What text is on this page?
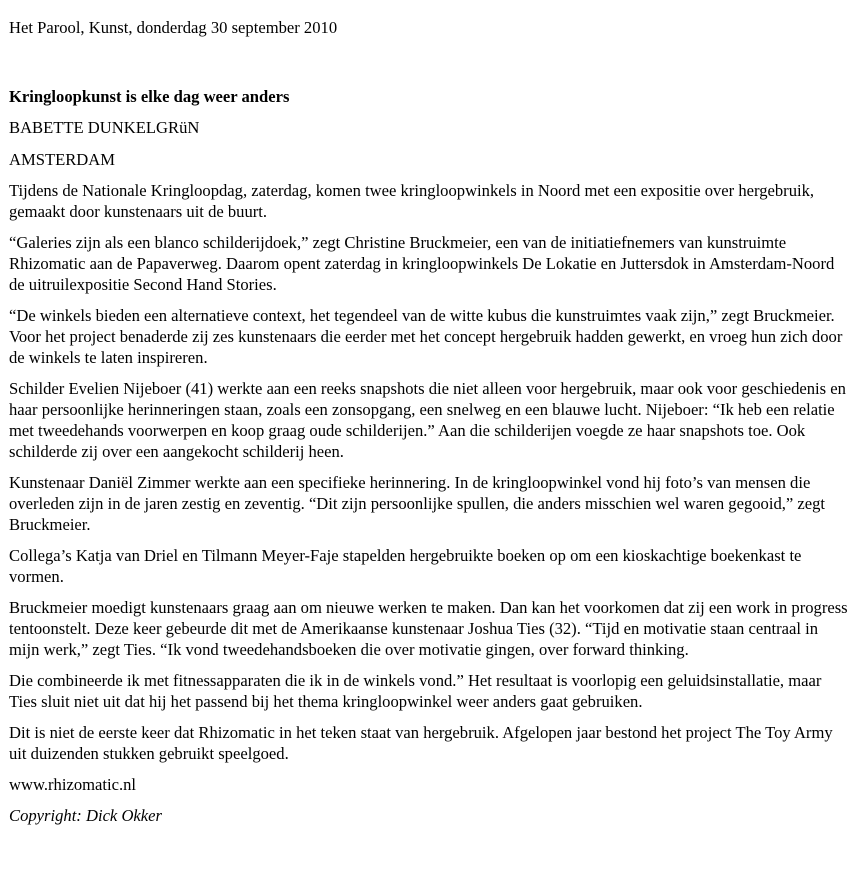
Het Parool, Kunst, donderdag 30 september 2010

Kringloopkunst is elke dag weer anders

BABETTE DUNKELGRüN

AMSTERDAM

Tijdens de Nationale Kringloopdag, zaterdag, komen twee kringloopwinkels in Noord met een expositie over hergebruik, gemaakt door kunstenaars uit de buurt.

“Galeries zijn als een blanco schilderijdoek,” zegt Christine Bruckmeier, een van de initiatiefnemers van kunstruimte Rhizomatic aan de Papaverweg. Daarom opent zaterdag in kringloopwinkels De Lokatie en Juttersdok in Amsterdam-Noord de uitruilexpositie Second Hand Stories.

“De winkels bieden een alternatieve context, het tegendeel van de witte kubus die kunstruimtes vaak zijn,” zegt Bruckmeier. Voor het project benaderde zij zes kunstenaars die eerder met het concept hergebruik hadden gewerkt, en vroeg hun zich door de winkels te laten inspireren.

Schilder Evelien Nijeboer (41) werkte aan een reeks snapshots die niet alleen voor hergebruik, maar ook voor geschiedenis en haar persoonlijke herinneringen staan, zoals een zonsopgang, een snelweg en een blauwe lucht. Nijeboer: “Ik heb een relatie met tweedehands voorwerpen en koop graag oude schilderijen.” Aan die schilderijen voegde ze haar snapshots toe. Ook schilderde zij over een aangekocht schilderij heen.

Kunstenaar Daniël Zimmer werkte aan een specifieke herinnering. In de kringloopwinkel vond hij foto’s van mensen die overleden zijn in de jaren zestig en zeventig. “Dit zijn persoonlijke spullen, die anders misschien wel waren gegooid,” zegt Bruckmeier.

Collega’s Katja van Driel en Tilmann Meyer-Faje stapelden hergebruikte boeken op om een kioskachtige boekenkast te vormen.

Bruckmeier moedigt kunstenaars graag aan om nieuwe werken te maken. Dan kan het voorkomen dat zij een work in progress tentoonstelt. Deze keer gebeurde dit met de Amerikaanse kunstenaar Joshua Ties (32). “Tijd en motivatie staan centraal in mijn werk,” zegt Ties. “Ik vond tweedehandsboeken die over motivatie gingen, over forward thinking.

Die combineerde ik met fitnessapparaten die ik in de winkels vond.” Het resultaat is voorlopig een geluidsinstallatie, maar Ties sluit niet uit dat hij het passend bij het thema kringloopwinkel weer anders gaat gebruiken.

Dit is niet de eerste keer dat Rhizomatic in het teken staat van hergebruik. Afgelopen jaar bestond het project The Toy Army uit duizenden stukken gebruikt speelgoed.

www.rhizomatic.nl

Copyright: Dick Okker
